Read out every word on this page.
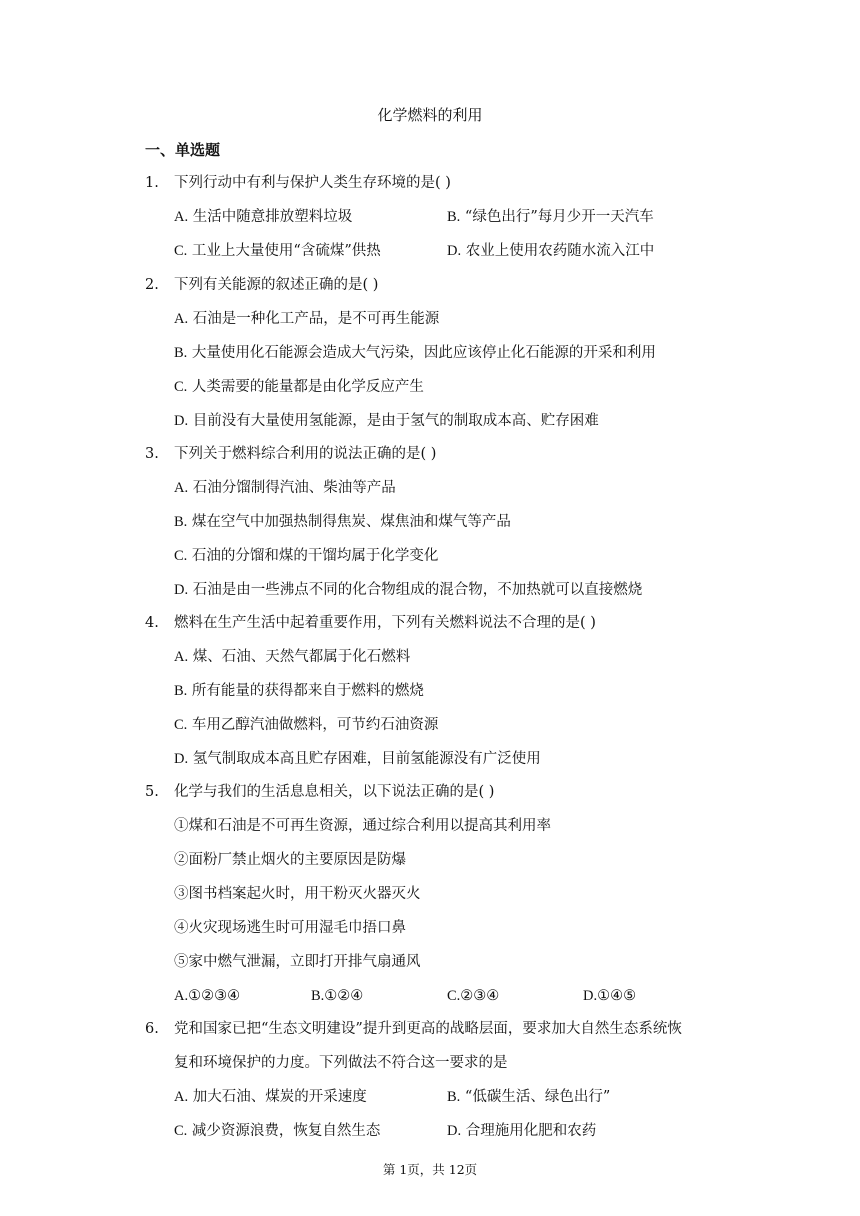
化学燃料的利用
一、单选题
1.	下列行动中有利与保护人类生存环境的是( )
A. 生活中随意排放塑料垃圾	B. “绿色出行”每月少开一天汽车
C. 工业上大量使用“含硫煤”供热	D. 农业上使用农药随水流入江中
2.	下列有关能源的叙述正确的是( )
A. 石油是一种化工产品，是不可再生能源
B. 大量使用化石能源会造成大气污染，因此应该停止化石能源的开采和利用
C. 人类需要的能量都是由化学反应产生
D. 目前没有大量使用氢能源，是由于氢气的制取成本高、贮存困难
3.	下列关于燃料综合利用的说法正确的是( )
A. 石油分馏制得汽油、柴油等产品
B. 煤在空气中加强热制得焦炭、煤焦油和煤气等产品
C. 石油的分馏和煤的干馏均属于化学变化
D. 石油是由一些沸点不同的化合物组成的混合物，不加热就可以直接燃烧
4.	燃料在生产生活中起着重要作用，下列有关燃料说法不合理的是( )
A. 煤、石油、天然气都属于化石燃料
B. 所有能量的获得都来自于燃料的燃烧
C. 车用乙醇汽油做燃料，可节约石油资源
D. 氢气制取成本高且贮存困难，目前氢能源没有广泛使用
5.	化学与我们的生活息息相关，以下说法正确的是( )
①煤和石油是不可再生资源，通过综合利用以提高其利用率
②面粉厂禁止烟火的主要原因是防爆
③图书档案起火时，用干粉灭火器灭火
④火灾现场逃生时可用湿毛巾捂口鼻
⑤家中燃气泄漏，立即打开排气扇通风
A.①②③④	B.①②④	C.②③④	D.①④⑤
6.	党和国家已把“生态文明建设”提升到更高的战略层面，要求加大自然生态系统恢
复和环境保护的力度。下列做法不符合这一要求的是
A. 加大石油、煤炭的开采速度	B. “低碳生活、绿色出行”
C. 减少资源浪费，恢复自然生态	D. 合理施用化肥和农药
第 1页，共 12页
